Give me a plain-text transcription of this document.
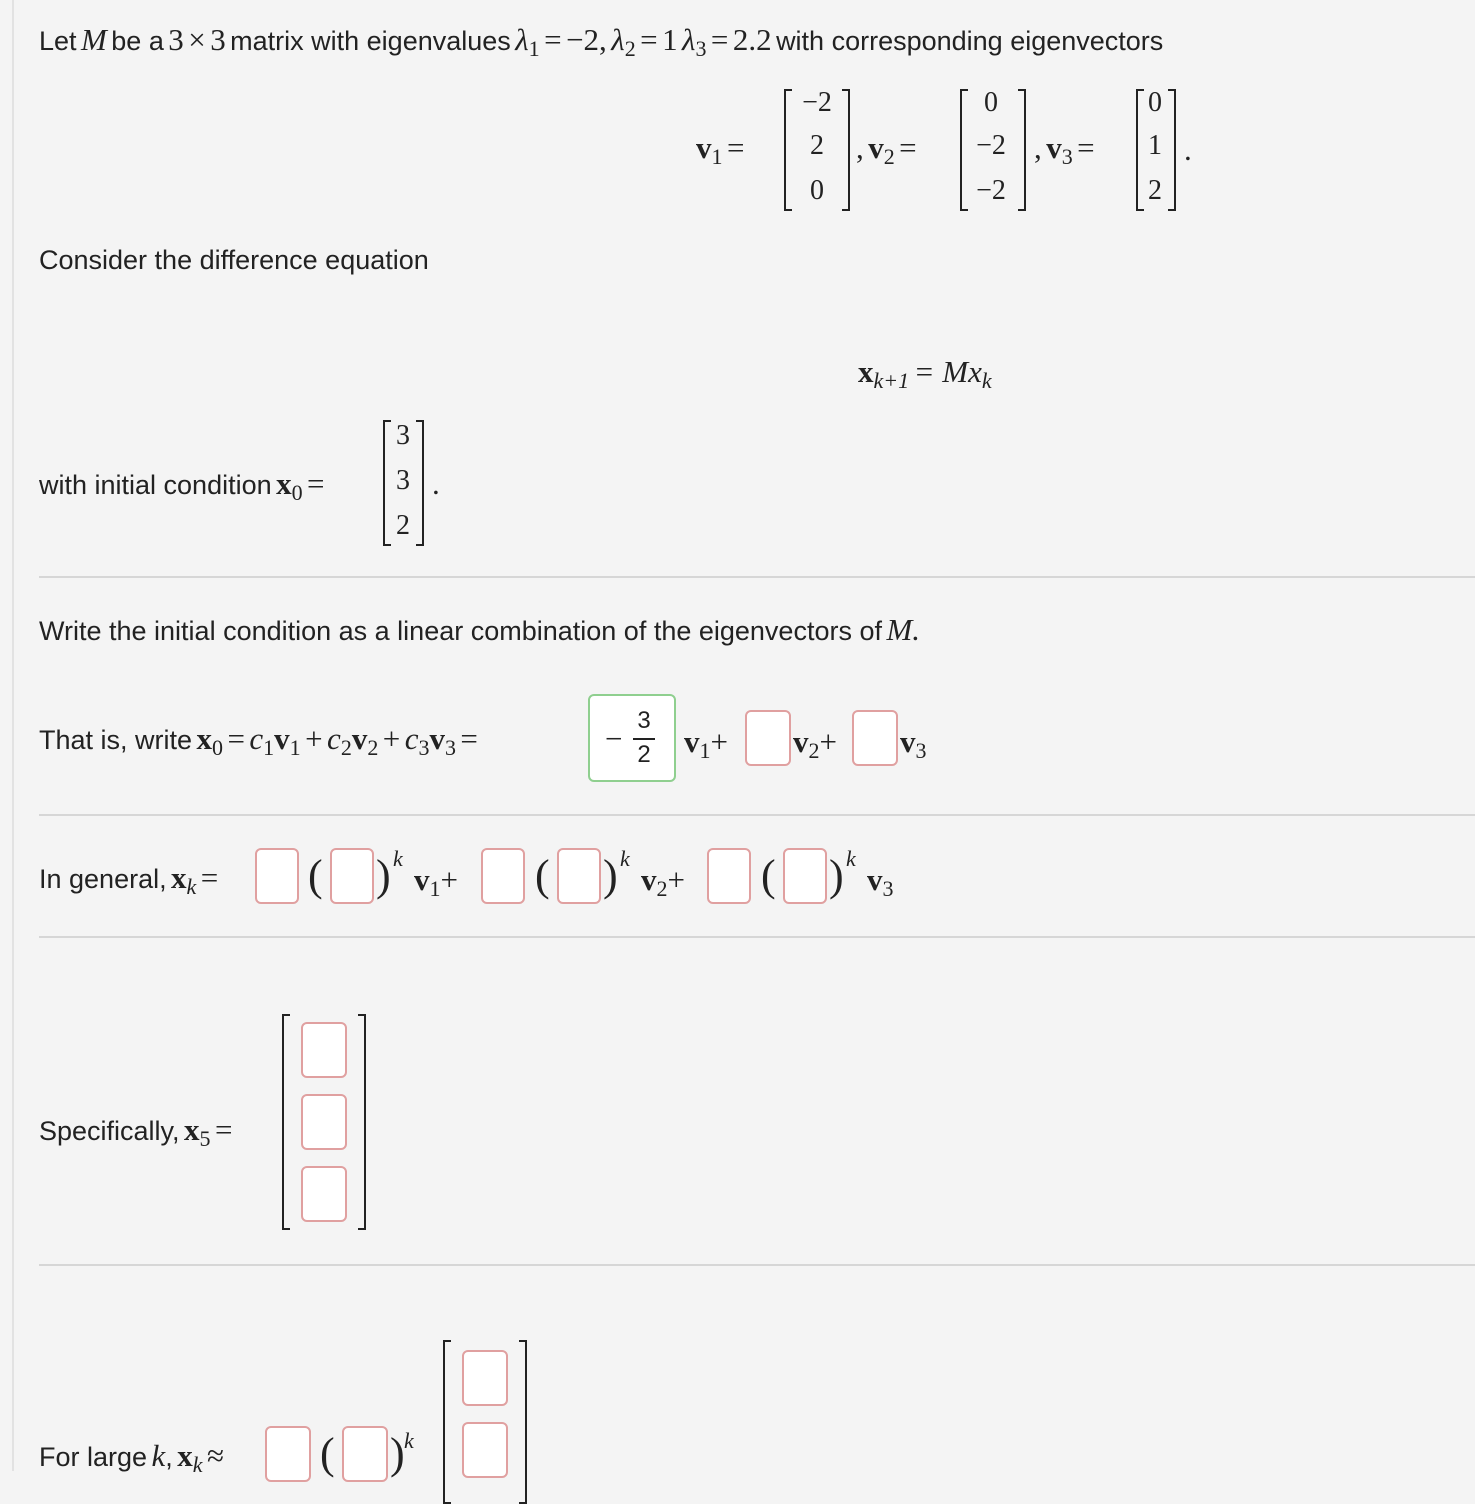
Let M be a 3 × 3 matrix with eigenvalues λ1 = −2, λ2 = 1 λ3 = 2.2 with corresponding eigenvectors
v1 =
−2
2
0
, v2 =
0
−2
−2
, v3 =
0
1
2
.
Consider the difference equation
xk+1 = Mxk
with initial condition x0 =
3
3
2
.
Write the initial condition as a linear combination of the eigenvectors of M.
That is, write x0 = c1v1 + c2v2 + c3v3 =	−
3
2 v1+ v2+ v3
In general, xk = ( ) k
v1+ ( ) k
v2+ ( ) k
v3
Specifically, x5 =
For large k, xk ≈ ( ) k
